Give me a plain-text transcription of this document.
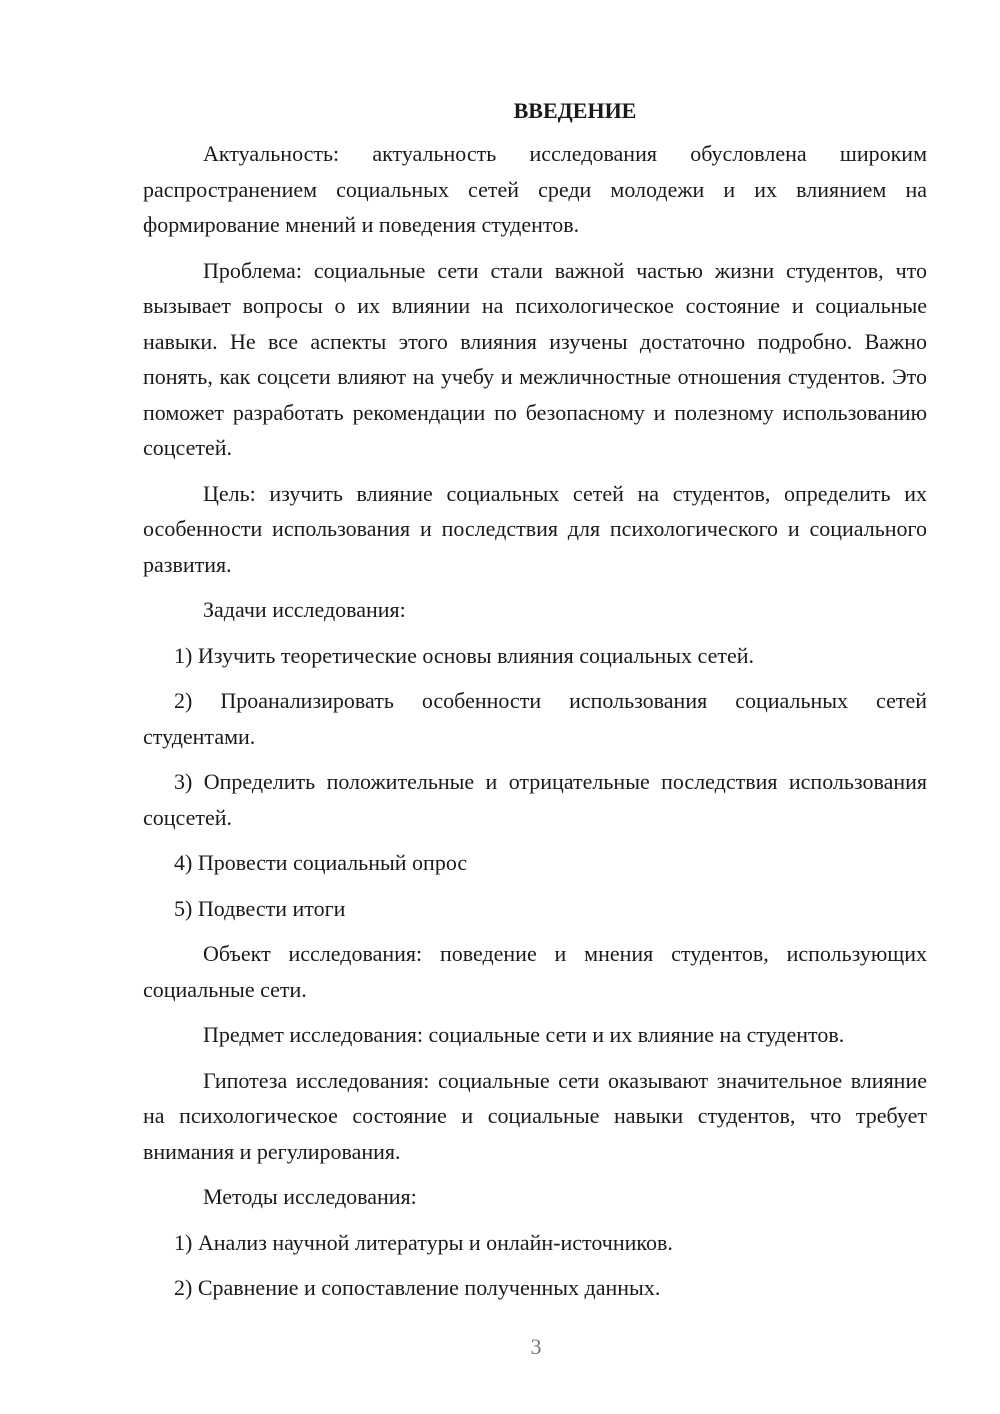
ВВЕДЕНИЕ

Актуальность: актуальность исследования обусловлена широким распространением социальных сетей среди молодежи и их влиянием на формирование мнений и поведения студентов.

Проблема: социальные сети стали важной частью жизни студентов, что вызывает вопросы о их влиянии на психологическое состояние и социальные навыки. Не все аспекты этого влияния изучены достаточно подробно. Важно понять, как соцсети влияют на учебу и межличностные отношения студентов. Это поможет разработать рекомендации по безопасному и полезному использованию соцсетей.

Цель: изучить влияние социальных сетей на студентов, определить их особенности использования и последствия для психологического и социального развития.

Задачи исследования:

1) Изучить теоретические основы влияния социальных сетей.

2) Проанализировать особенности использования социальных сетей студентами.

3) Определить положительные и отрицательные последствия использования соцсетей.

4) Провести социальный опрос

5) Подвести итоги

Объект исследования: поведение и мнения студентов, использующих социальные сети.

Предмет исследования: социальные сети и их влияние на студентов.

Гипотеза исследования: социальные сети оказывают значительное влияние на психологическое состояние и социальные навыки студентов, что требует внимания и регулирования.

Методы исследования:

1) Анализ научной литературы и онлайн-источников.

2) Сравнение и сопоставление полученных данных.

3
